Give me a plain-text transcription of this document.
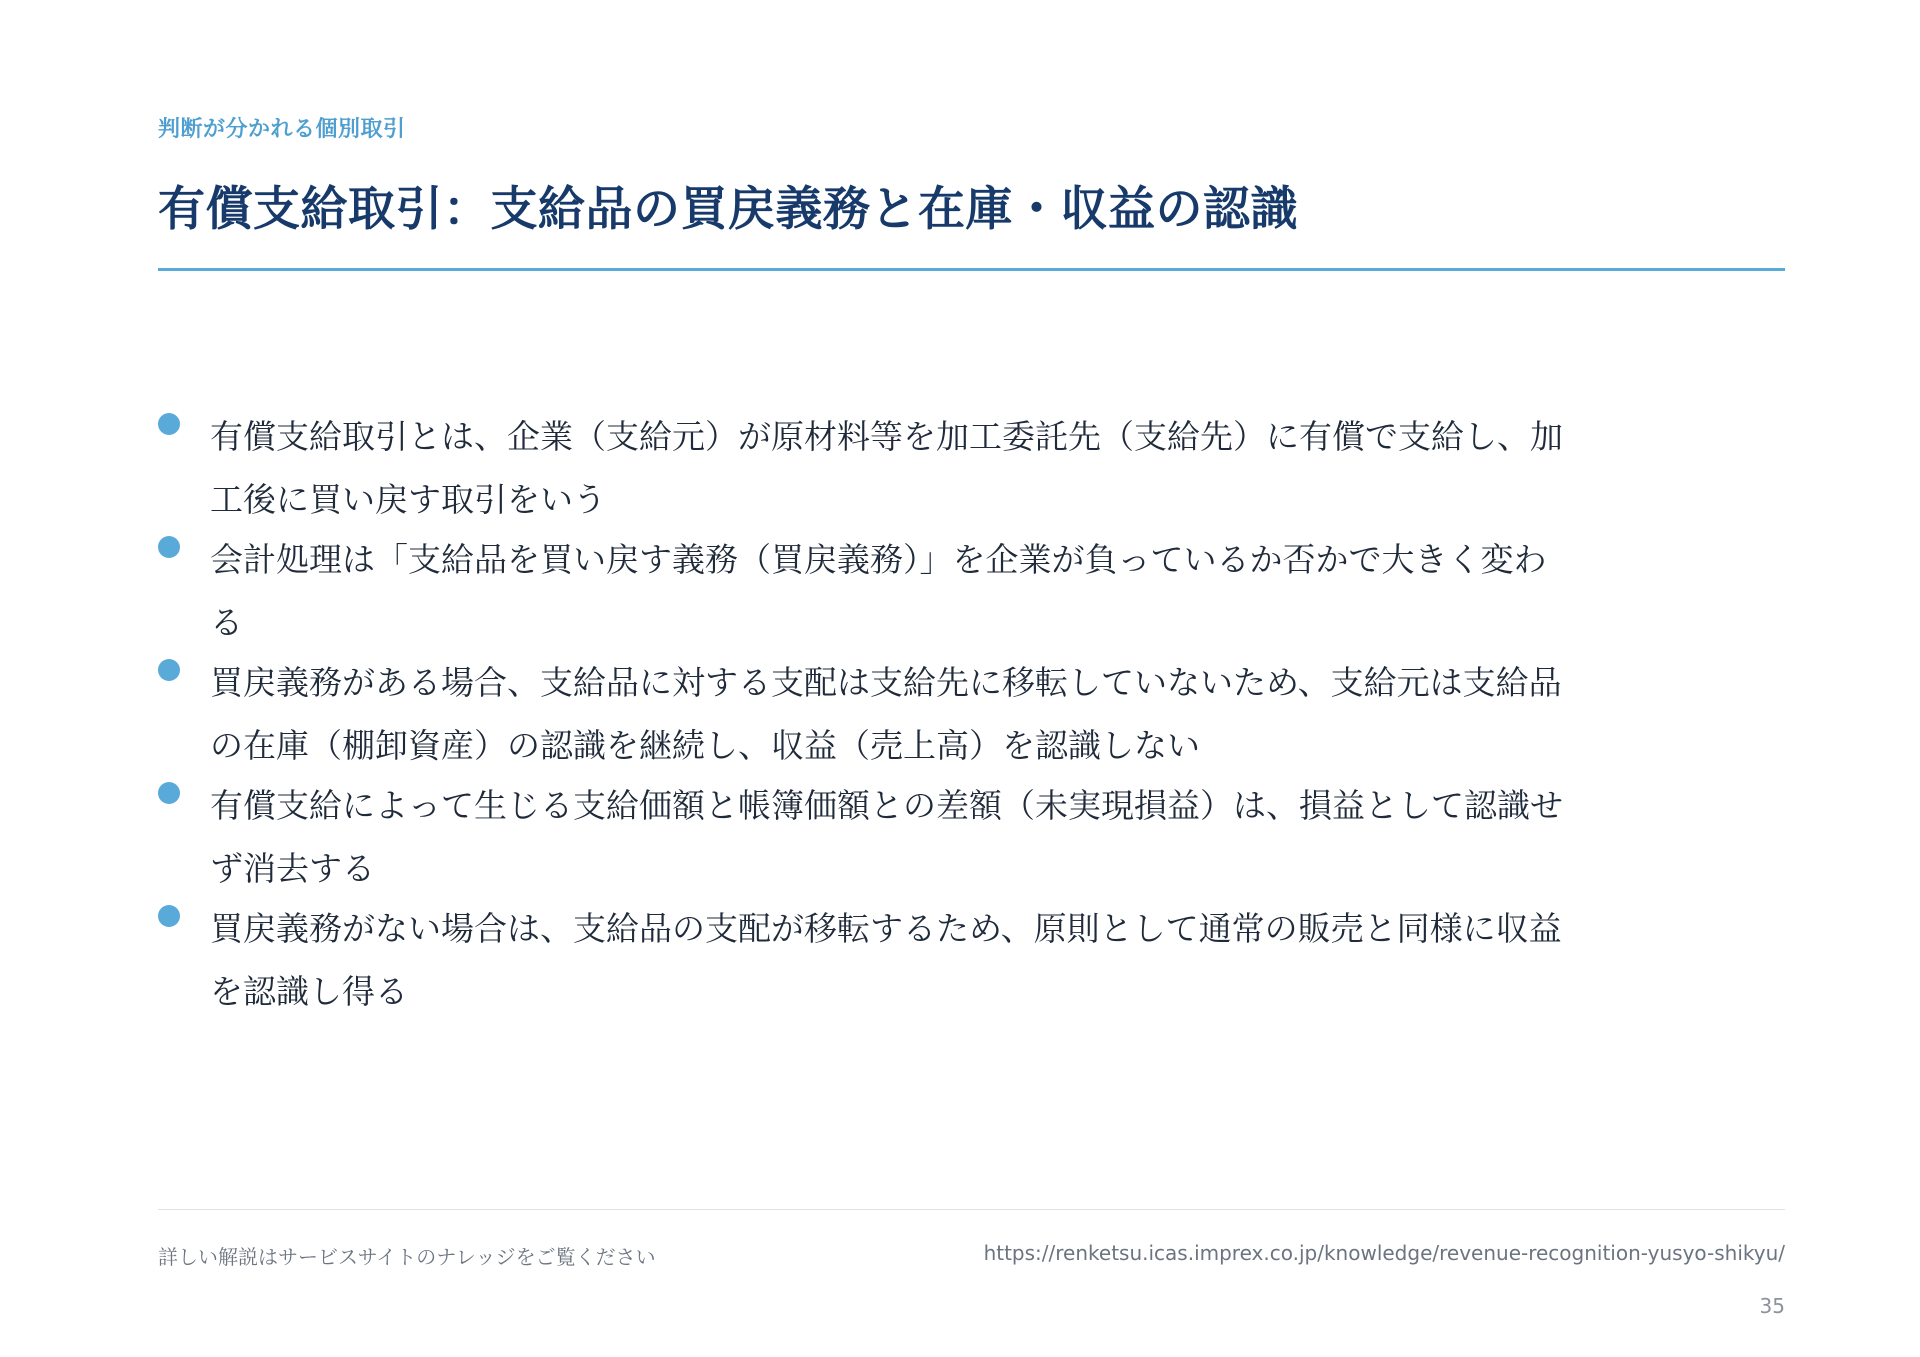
判断が分かれる個別取引
有償支給取引：支給品の買戻義務と在庫・収益の認識
有償支給取引とは、企業（支給元）が原材料等を加工委託先（支給先）に有償で支給し、加工後に買い戻す取引をいう
会計処理は「支給品を買い戻す義務（買戻義務）」を企業が負っているか否かで大きく変わる
買戻義務がある場合、支給品に対する支配は支給先に移転していないため、支給元は支給品の在庫（棚卸資産）の認識を継続し、収益（売上高）を認識しない
有償支給によって生じる支給価額と帳簿価額との差額（未実現損益）は、損益として認識せず消去する
買戻義務がない場合は、支給品の支配が移転するため、原則として通常の販売と同様に収益を認識し得る
詳しい解説はサービスサイトのナレッジをご覧ください	https://renketsu.icas.imprex.co.jp/knowledge/revenue-recognition-yusyo-shikyu/
35
